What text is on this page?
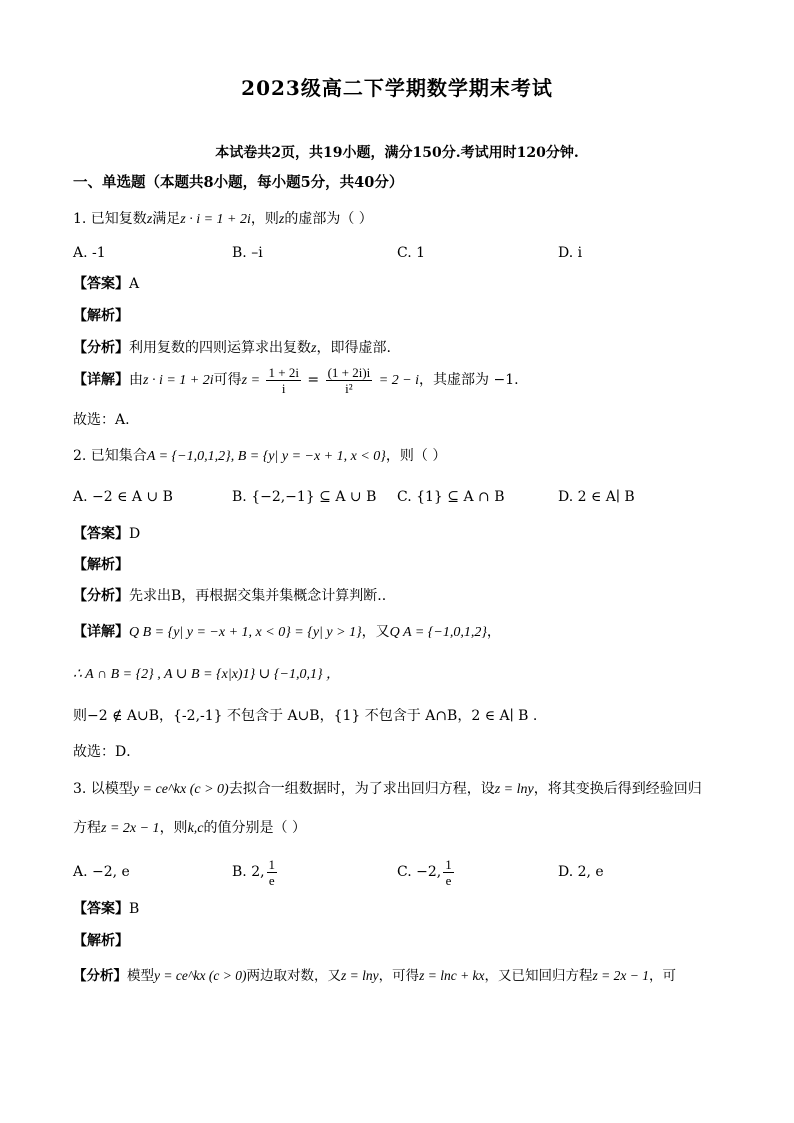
2023级高二下学期数学期末考试
本试卷共2页，共19小题，满分150分.考试用时120分钟.
一、单选题（本题共8小题，每小题5分，共40分）
1. 已知复数z满足z · i = 1 + 2i，则z的虚部为（ ）
A. -1	B. –i	C. 1	D. i
【答案】A
【解析】
【分析】利用复数的四则运算求出复数z，即得虚部.
【详解】由z · i = 1 + 2i可得$z = \frac{1 + 2i}{i} = \frac{(1 + 2i)i}{\text{i²}} = 2 - i$，其虚部为 −1.
故选：A.
2. 已知集合A = {−1,0,1,2}, B = {y| y = −x + 1, x < 0}，则（ ）
A. −2 ∈ A ∪ B	B. {−2,−1} ⊆ A ∪ B C. {1} ⊆ A ∩ B	D. 2 ∈ A∣ B
【答案】D
【解析】
【分析】先求出B，再根据交集并集概念计算判断..
【详解】Q B = {y| y = −x + 1, x < 0} = {y| y > 1}，又Q A = {−1,0,1,2}，
∴ A ∩ B = {2} , A ∪ B = {x|x)1} ∪ {−1,0,1} ，
则−2 ∉ A∪B，{-2,-1} 不包含于 A∪B，{1} 不包含于 A∩B，2 ∈ A∣ B .
故选：D．
3. 以模型y = ce^kx (c > 0)去拟合一组数据时，为了求出回归方程，设z = lny，将其变换后得到经验回归
方程z = 2x − 1，则k,c的值分别是（ ）
A. −2, e	B. 2, $\frac{1}{e}$	C. −2, $\frac{1}{e}$	D. 2, e
【答案】B
【解析】
【分析】模型y = ce^kx (c > 0)两边取对数，又z = lny，可得z = lnc + kx，又已知回归方程z = 2x − 1，可
